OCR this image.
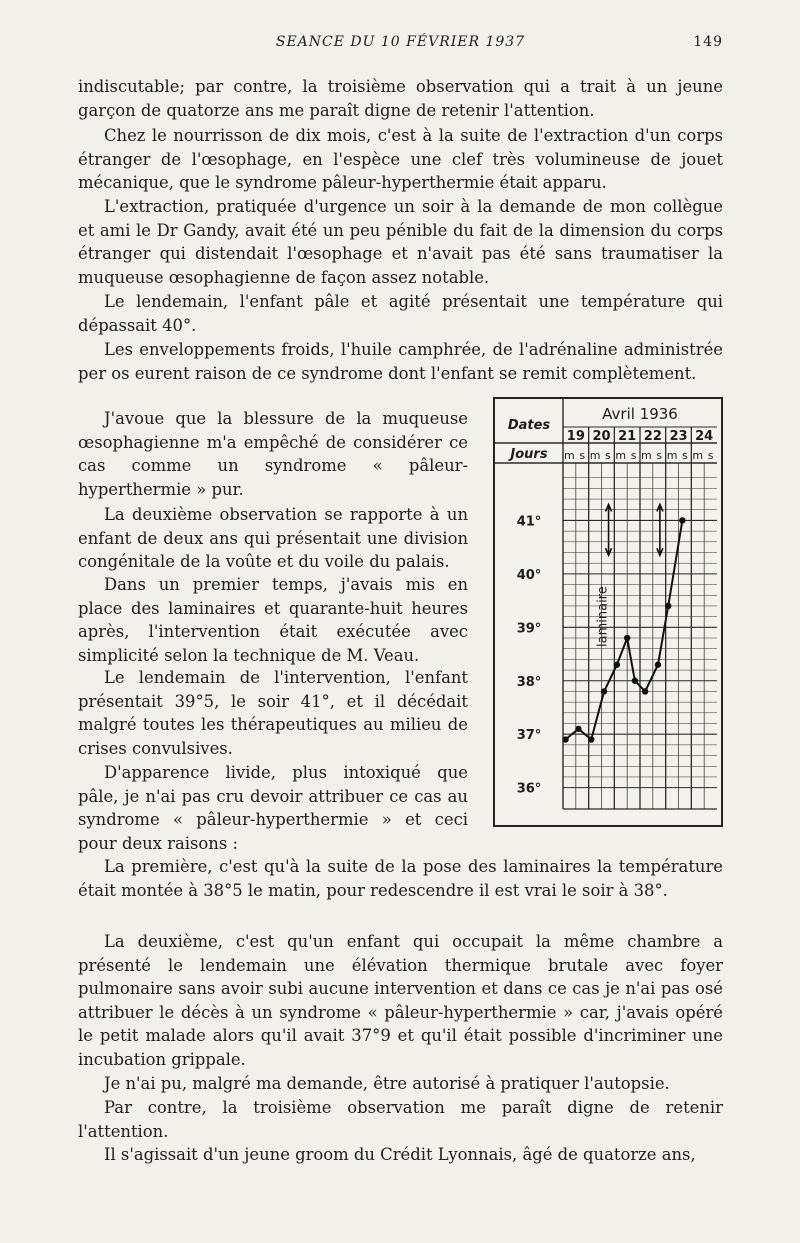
SEANCE DU 10 FÉVRIER 1937	149

indiscutable; par contre, la troisième observation qui a trait à un jeune garçon de quatorze ans me paraît digne de retenir l'attention.

Chez le nourrisson de dix mois, c'est à la suite de l'extraction d'un corps étranger de l'œsophage, en l'espèce une clef très volumineuse de jouet mécanique, que le syndrome pâleur-hyperthermie était apparu.

L'extraction, pratiquée d'urgence un soir à la demande de mon collègue et ami le Dr Gandy, avait été un peu pénible du fait de la dimension du corps étranger qui distendait l'œsophage et n'avait pas été sans traumatiser la muqueuse œsophagienne de façon assez notable.

Le lendemain, l'enfant pâle et agité présentait une température qui dépassait 40°.

Les enveloppements froids, l'huile camphrée, de l'adrénaline administrée per os eurent raison de ce syndrome dont l'enfant se remit complètement.

J'avoue que la blessure de la muqueuse œsophagienne m'a empêché de considérer ce cas comme un syndrome « pâleur-hyperthermie » pur.

La deuxième observation se rapporte à un enfant de deux ans qui présentait une division congénitale de la voûte et du voile du palais.

Dans un premier temps, j'avais mis en place des laminaires et quarante-huit heures après, l'intervention était exécutée avec simplicité selon la technique de M. Veau.

Le lendemain de l'intervention, l'enfant présentait 39°5, le soir 41°, et il décédait malgré toutes les thérapeutiques au milieu de crises convulsives.

D'apparence livide, plus intoxiqué que pâle, je n'ai pas cru devoir attribuer ce cas au syndrome « pâleur-hyperthermie » et ceci pour deux raisons :

La première, c'est qu'à la suite de la pose des laminaires la température était montée à 38°5 le matin, pour redescendre il est vrai le soir à 38°.

La deuxième, c'est qu'un enfant qui occupait la même chambre a présenté le lendemain une élévation thermique brutale avec foyer pulmonaire sans avoir subi aucune intervention et dans ce cas je n'ai pas osé attribuer le décès à un syndrome « pâleur-hyperthermie » car, j'avais opéré le petit malade alors qu'il avait 37°9 et qu'il était possible d'incriminer une incubation grippale.

Je n'ai pu, malgré ma demande, être autorisé à pratiquer l'autopsie.

Par contre, la troisième observation me paraît digne de retenir l'attention.

Il s'agissait d'un jeune groom du Crédit Lyonnais, âgé de quatorze ans,

Avril 1936
Dates
Jours
19
m s
20
m s
21
m s
22
m s
23
m s
24
m s
41°
40°
39°
38°
37°
36°
laminaire
